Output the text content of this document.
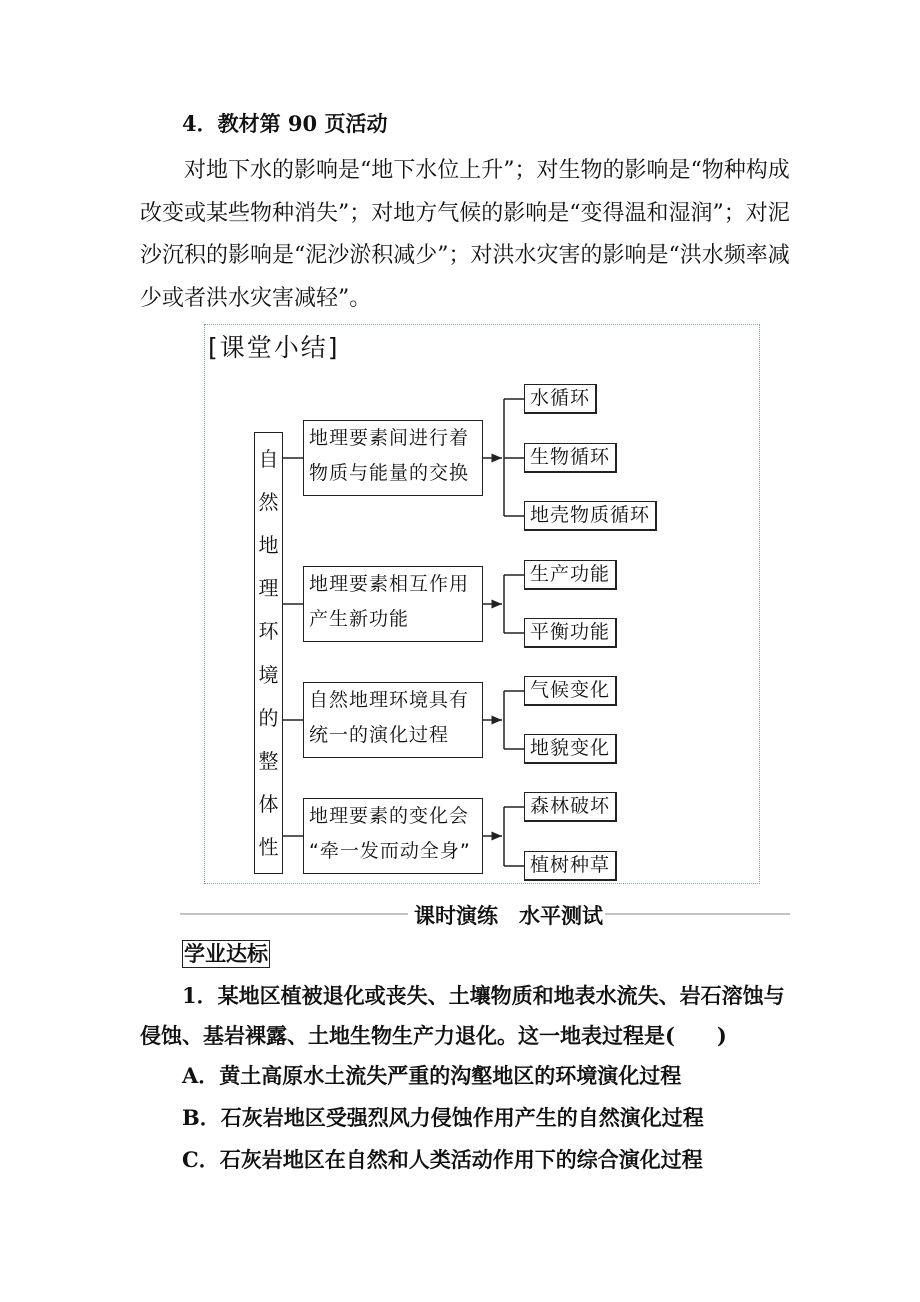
4．教材第 90 页活动
对地下水的影响是“地下水位上升”；对生物的影响是“物种构成改变或某些物种消失”；对地方气候的影响是“变得温和湿润”；对泥沙沉积的影响是“泥沙淤积减少”；对洪水灾害的影响是“洪水频率减少或者洪水灾害减轻”。
[课堂小结]
自
然
地
理
环
境
的
整
体
性
地理要素间进行着
物质与能量的交换
地理要素相互作用
产生新功能
自然地理环境具有
统一的演化过程
地理要素的变化会
“牵一发而动全身”
水循环
生物循环
地壳物质循环
生产功能
平衡功能
气候变化
地貌变化
森林破坏
植树种草
课时演练　水平测试
学业达标
1．某地区植被退化或丧失、土壤物质和地表水流失、岩石溶蚀与侵蚀、基岩裸露、土地生物生产力退化。这一地表过程是(　　)
A．黄土高原水土流失严重的沟壑地区的环境演化过程
B．石灰岩地区受强烈风力侵蚀作用产生的自然演化过程
C．石灰岩地区在自然和人类活动作用下的综合演化过程
